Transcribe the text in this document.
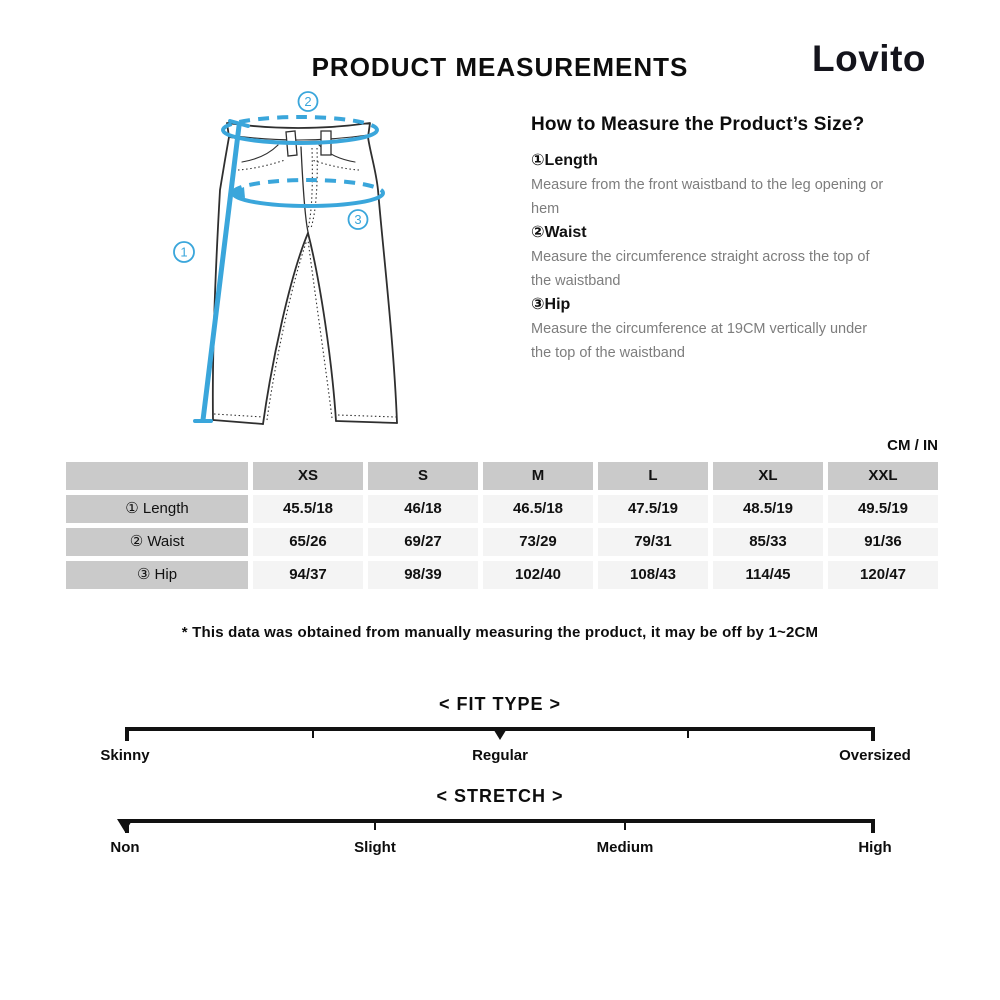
PRODUCT MEASUREMENTS	Lovito
1
2
3
How to Measure the Product’s Size?
①Length

Measure from the front waistband to the leg opening or hem

②Waist

Measure the circumference straight across the top of the waistband

③Hip

Measure the circumference at 19CM vertically under the top of the waistband

CM / IN
XS	S	M	L	XL	XXL
① Length	45.5/18	46/18	46.5/18	47.5/19	48.5/19	49.5/19
② Waist	65/26	69/27	73/29	79/31	85/33	91/36
③ Hip	94/37	98/39	102/40	108/43	114/45	120/47

* This data was obtained from manually measuring the product, it may be off by 1~2CM

< FIT TYPE >
Skinny	Regular	Oversized
< STRETCH >
Non	Slight	Medium	High
